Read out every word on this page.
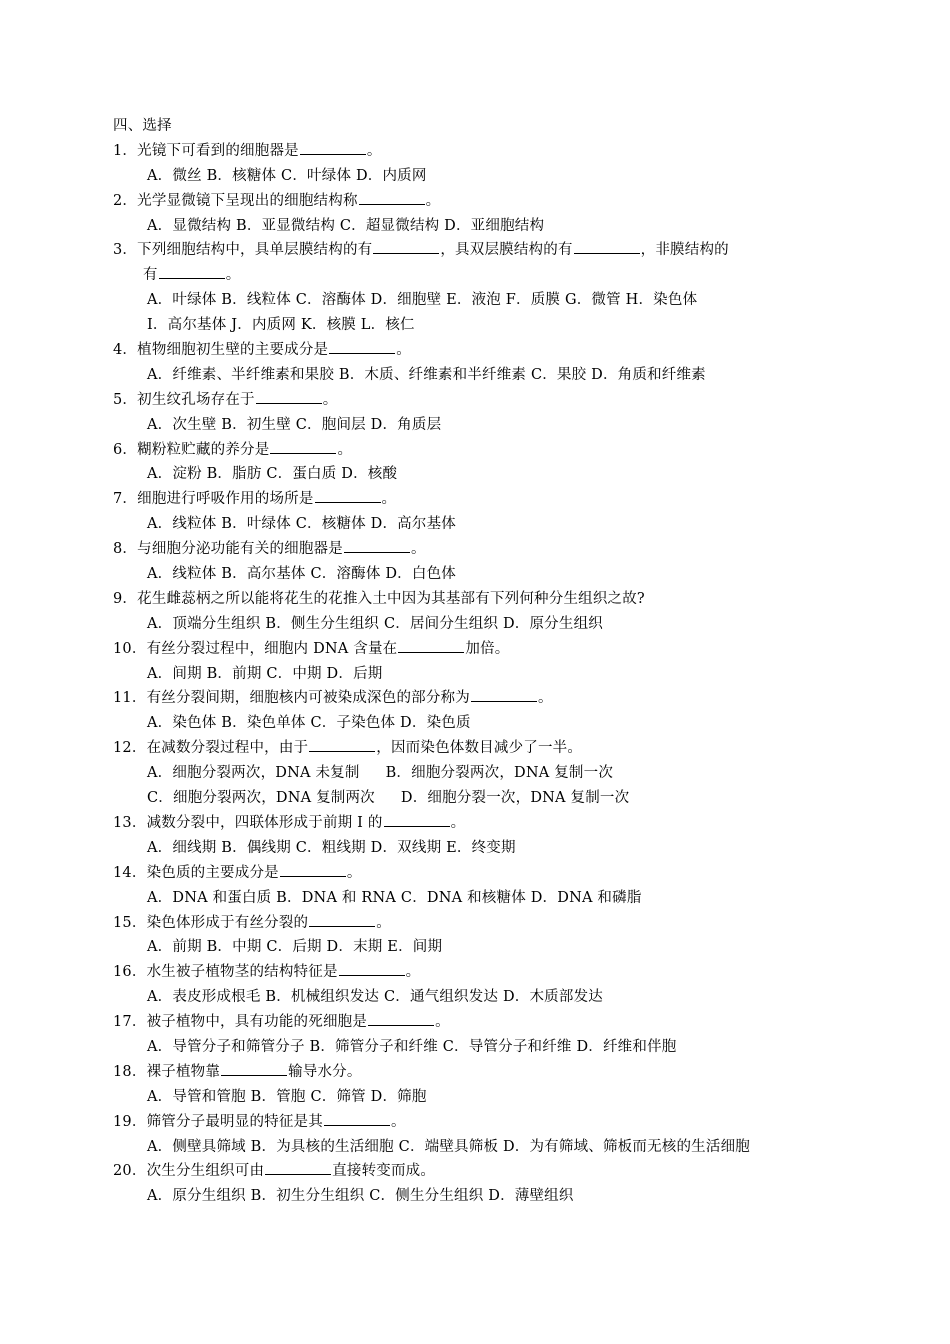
四、选择
1．光镜下可看到的细胞器是	。
A．微丝 B．核糖体 C．叶绿体 D．内质网
2．光学显微镜下呈现出的细胞结构称	。
A．显微结构 B．亚显微结构 C．超显微结构 D．亚细胞结构
3．下列细胞结构中，具单层膜结构的有	，具双层膜结构的有	，非膜结构的
有	。
A．叶绿体 B．线粒体 C．溶酶体 D．细胞壁 E．液泡 F．质膜 G．微管 H．染色体
I．高尔基体 J．内质网 K．核膜 L．核仁
4．植物细胞初生壁的主要成分是	。
A．纤维素、半纤维素和果胶 B．木质、纤维素和半纤维素 C．果胶 D．角质和纤维素
5．初生纹孔场存在于	。
A．次生壁 B．初生壁 C．胞间层 D．角质层
6．糊粉粒贮藏的养分是	。
A．淀粉 B．脂肪 C．蛋白质 D．核酸
7．细胞进行呼吸作用的场所是	。
A．线粒体 B．叶绿体 C．核糖体 D．高尔基体
8．与细胞分泌功能有关的细胞器是	。
A．线粒体 B．高尔基体 C．溶酶体 D．白色体
9．花生雌蕊柄之所以能将花生的花推入土中因为其基部有下列何种分生组织之故?
A．顶端分生组织 B．侧生分生组织 C．居间分生组织 D．原分生组织
10．有丝分裂过程中，细胞内 DNA 含量在	加倍。
A．间期 B．前期 C．中期 D．后期
11．有丝分裂间期，细胞核内可被染成深色的部分称为	。
A．染色体 B．染色单体 C．子染色体 D．染色质
12．在减数分裂过程中，由于	，因而染色体数目减少了一半。
A．细胞分裂两次，DNA 未复制 B．细胞分裂两次，DNA 复制一次
C．细胞分裂两次，DNA 复制两次 D．细胞分裂一次，DNA 复制一次
13．减数分裂中，四联体形成于前期 I 的	。
A．细线期 B．偶线期 C．粗线期 D．双线期 E．终变期
14．染色质的主要成分是	。
A．DNA 和蛋白质 B．DNA 和 RNA C．DNA 和核糖体 D．DNA 和磷脂
15．染色体形成于有丝分裂的	。
A．前期 B．中期 C．后期 D．末期 E．间期
16．水生被子植物茎的结构特征是	。
A．表皮形成根毛 B．机械组织发达 C．通气组织发达 D．木质部发达
17．被子植物中，具有功能的死细胞是	。
A．导管分子和筛管分子 B．筛管分子和纤维 C．导管分子和纤维 D．纤维和伴胞
18．裸子植物靠	输导水分。
A．导管和管胞 B．管胞 C．筛管 D．筛胞
19．筛管分子最明显的特征是其	。
A．侧壁具筛域 B．为具核的生活细胞 C．端壁具筛板 D．为有筛域、筛板而无核的生活细胞
20．次生分生组织可由	直接转变而成。
A．原分生组织 B．初生分生组织 C．侧生分生组织 D．薄壁组织
